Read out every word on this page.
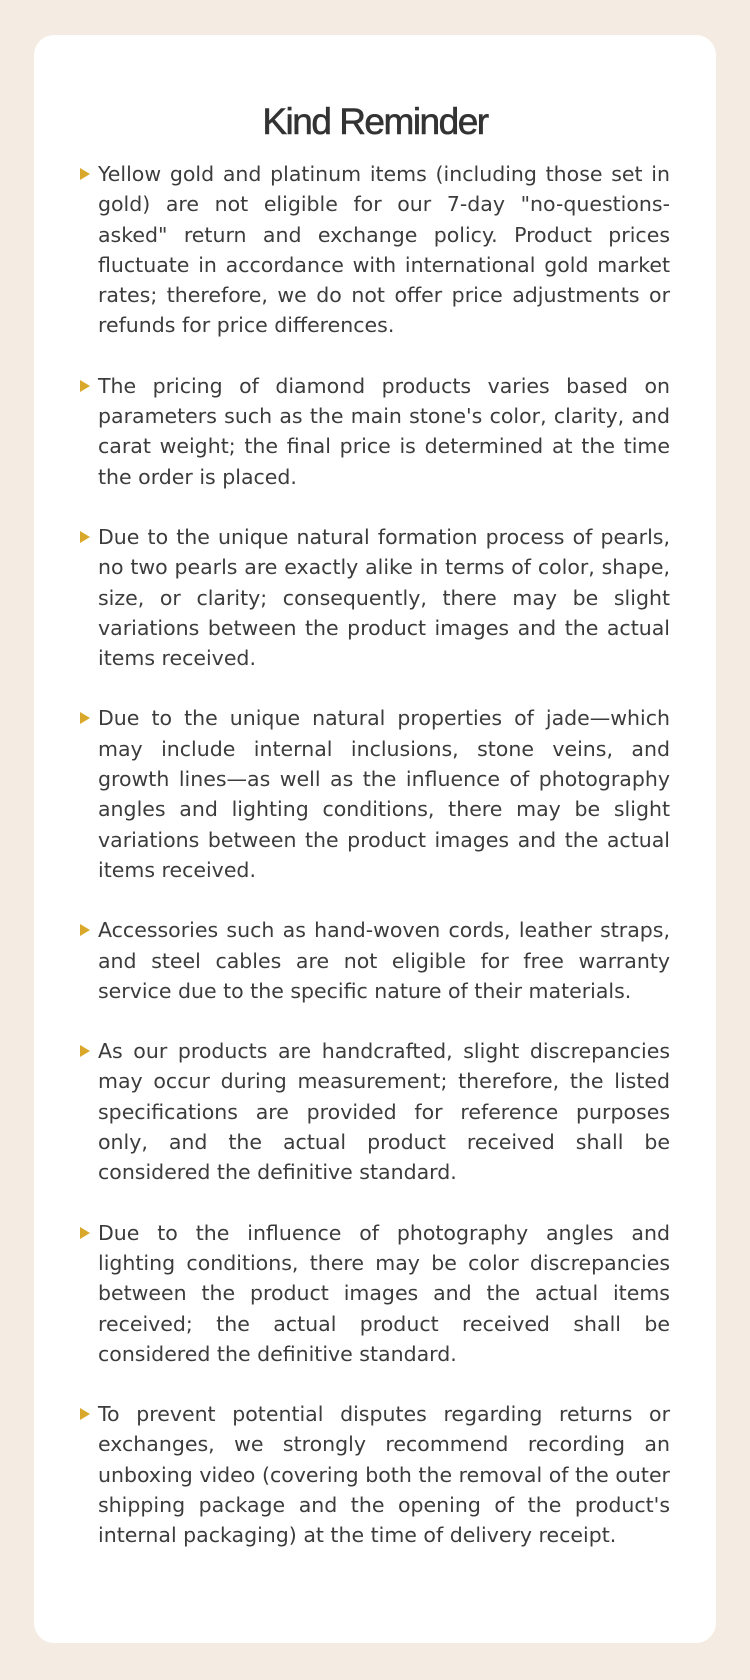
Kind Reminder
Yellow gold and platinum items (including those set in gold) are not eligible for our 7-day "no-questions-asked" return and exchange policy. Product prices fluctuate in accordance with international gold market rates; therefore, we do not offer price adjustments or refunds for price differences.
The pricing of diamond products varies based on parameters such as the main stone's color, clarity, and carat weight; the final price is determined at the time the order is placed.
Due to the unique natural formation process of pearls, no two pearls are exactly alike in terms of color, shape, size, or clarity; consequently, there may be slight variations between the product images and the actual items received.
Due to the unique natural properties of jade—which may include internal inclusions, stone veins, and growth lines—as well as the influence of photography angles and lighting conditions, there may be slight variations between the product images and the actual items received.
Accessories such as hand-woven cords, leather straps, and steel cables are not eligible for free warranty service due to the specific nature of their materials.
As our products are handcrafted, slight discrepancies may occur during measurement; therefore, the listed specifications are provided for reference purposes only, and the actual product received shall be considered the definitive standard.
Due to the influence of photography angles and lighting conditions, there may be color discrepancies between the product images and the actual items received; the actual product received shall be considered the definitive standard.
To prevent potential disputes regarding returns or exchanges, we strongly recommend recording an unboxing video (covering both the removal of the outer shipping package and the opening of the product's internal packaging) at the time of delivery receipt.
